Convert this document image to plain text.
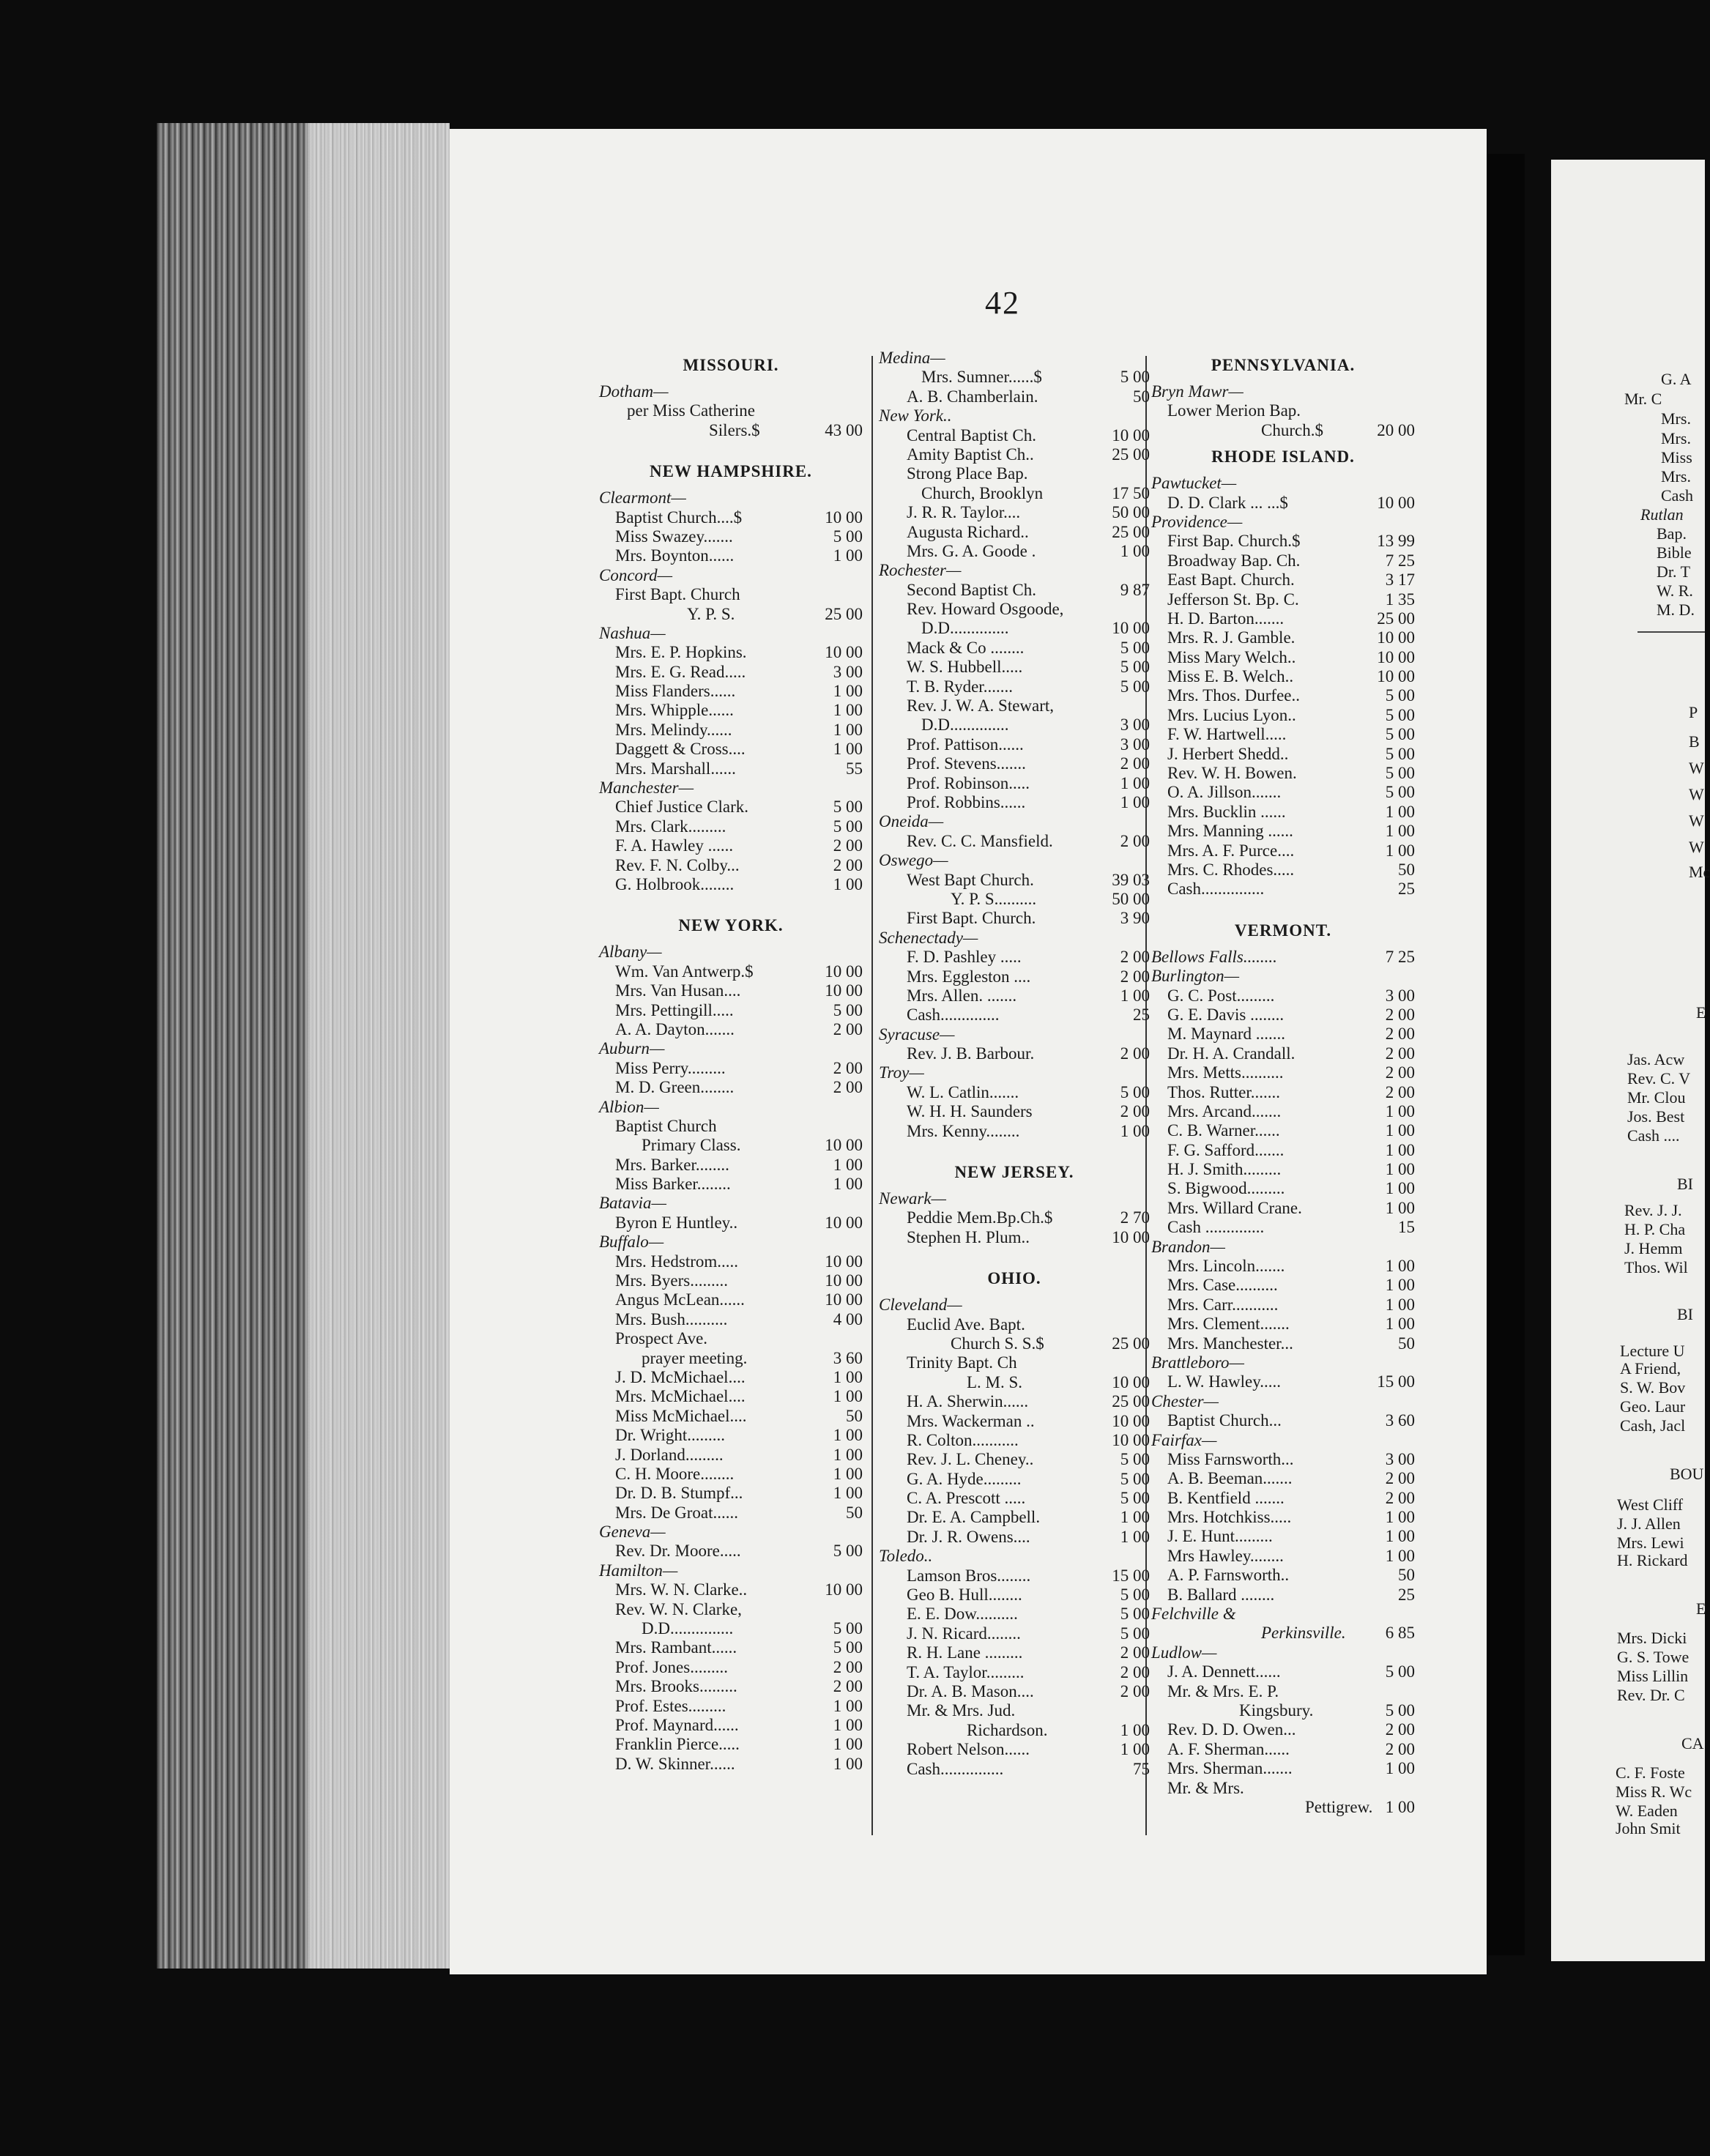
42
MISSOURI.
Dotham—
per Miss Catherine
Silers.$	43 00
NEW HAMPSHIRE.
Clearmont—
Baptist Church....$	10 00
Miss Swazey.......	5 00
Mrs. Boynton......	1 00
Concord—
First Bapt. Church
Y. P. S.	25 00
Nashua—
Mrs. E. P. Hopkins.	10 00
Mrs. E. G. Read.....	3 00
Miss Flanders......	1 00
Mrs. Whipple......	1 00
Mrs. Melindy......	1 00
Daggett & Cross....	1 00
Mrs. Marshall......	55
Manchester—
Chief Justice Clark.	5 00
Mrs. Clark.........	5 00
F. A. Hawley ......	2 00
Rev. F. N. Colby...	2 00
G. Holbrook........	1 00
NEW YORK.
Albany—
Wm. Van Antwerp.$	10 00
Mrs. Van Husan....	10 00
Mrs. Pettingill.....	5 00
A. A. Dayton.......	2 00
Auburn—
Miss Perry.........	2 00
M. D. Green........	2 00
Albion—
Baptist Church
Primary Class.	10 00
Mrs. Barker........	1 00
Miss Barker........	1 00
Batavia—
Byron E Huntley..	10 00
Buffalo—
Mrs. Hedstrom.....	10 00
Mrs. Byers.........	10 00
Angus McLean......	10 00
Mrs. Bush..........	4 00
Prospect Ave.
prayer meeting.	3 60
J. D. McMichael....	1 00
Mrs. McMichael....	1 00
Miss McMichael....	50
Dr. Wright.........	1 00
J. Dorland.........	1 00
C. H. Moore........	1 00
Dr. D. B. Stumpf...	1 00
Mrs. De Groat......	50
Geneva—
Rev. Dr. Moore.....	5 00
Hamilton—
Mrs. W. N. Clarke..	10 00
Rev. W. N. Clarke,
D.D...............	5 00
Mrs. Rambant......	5 00
Prof. Jones.........	2 00
Mrs. Brooks.........	2 00
Prof. Estes.........	1 00
Prof. Maynard......	1 00
Franklin Pierce.....	1 00
D. W. Skinner......	1 00
Medina—
Mrs. Sumner......$	5 00
A. B. Chamberlain.	50
New York..
Central Baptist Ch.	10 00
Amity Baptist Ch..	25 00
Strong Place Bap.
Church, Brooklyn	17 50
J. R. R. Taylor....	50 00
Augusta Richard..	25 00
Mrs. G. A. Goode .	1 00
Rochester—
Second Baptist Ch.	9 87
Rev. Howard Osgoode,
D.D..............	10 00
Mack & Co ........	5 00
W. S. Hubbell.....	5 00
T. B. Ryder.......	5 00
Rev. J. W. A. Stewart,
D.D..............	3 00
Prof. Pattison......	3 00
Prof. Stevens.......	2 00
Prof. Robinson.....	1 00
Prof. Robbins......	1 00
Oneida—
Rev. C. C. Mansfield.	2 00
Oswego—
West Bapt Church.	39 03
Y. P. S..........	50 00
First Bapt. Church.	3 90
Schenectady—
F. D. Pashley .....	2 00
Mrs. Eggleston ....	2 00
Mrs. Allen. .......	1 00
Cash..............	25
Syracuse—
Rev. J. B. Barbour.	2 00
Troy—
W. L. Catlin.......	5 00
W. H. H. Saunders	2 00
Mrs. Kenny........	1 00
NEW JERSEY.
Newark—
Peddie Mem.Bp.Ch.$	2 70
Stephen H. Plum..	10 00
OHIO.
Cleveland—
Euclid Ave. Bapt.
Church S. S.$	25 00
Trinity Bapt. Ch
L. M. S.	10 00
H. A. Sherwin......	25 00
Mrs. Wackerman ..	10 00
R. Colton...........	10 00
Rev. J. L. Cheney..	5 00
G. A. Hyde.........	5 00
C. A. Prescott .....	5 00
Dr. E. A. Campbell.	1 00
Dr. J. R. Owens....	1 00
Toledo..
Lamson Bros........	15 00
Geo B. Hull........	5 00
E. E. Dow..........	5 00
J. N. Ricard........	5 00
R. H. Lane .........	2 00
T. A. Taylor.........	2 00
Dr. A. B. Mason....	2 00
Mr. & Mrs. Jud.
Richardson.	1 00
Robert Nelson......	1 00
Cash...............	75
PENNSYLVANIA.
Bryn Mawr—
Lower Merion Bap.
Church.$	20 00
RHODE ISLAND.
Pawtucket—
D. D. Clark ... ...$	10 00
Providence—
First Bap. Church.$	13 99
Broadway Bap. Ch.	7 25
East Bapt. Church.	3 17
Jefferson St. Bp. C.	1 35
H. D. Barton.......	25 00
Mrs. R. J. Gamble.	10 00
Miss Mary Welch..	10 00
Miss E. B. Welch..	10 00
Mrs. Thos. Durfee..	5 00
Mrs. Lucius Lyon..	5 00
F. W. Hartwell.....	5 00
J. Herbert Shedd..	5 00
Rev. W. H. Bowen.	5 00
O. A. Jillson.......	5 00
Mrs. Bucklin ......	1 00
Mrs. Manning ......	1 00
Mrs. A. F. Purce....	1 00
Mrs. C. Rhodes.....	50
Cash...............	25
VERMONT.
Bellows Falls........	7 25
Burlington—
G. C. Post.........	3 00
G. E. Davis ........	2 00
M. Maynard .......	2 00
Dr. H. A. Crandall.	2 00
Mrs. Metts..........	2 00
Thos. Rutter.......	2 00
Mrs. Arcand.......	1 00
C. B. Warner......	1 00
F. G. Safford.......	1 00
H. J. Smith.........	1 00
S. Bigwood.........	1 00
Mrs. Willard Crane.	1 00
Cash ..............	15
Brandon—
Mrs. Lincoln.......	1 00
Mrs. Case..........	1 00
Mrs. Carr...........	1 00
Mrs. Clement.......	1 00
Mrs. Manchester...	50
Brattleboro—
L. W. Hawley.....	15 00
Chester—
Baptist Church...	3 60
Fairfax—
Miss Farnsworth...	3 00
A. B. Beeman.......	2 00
B. Kentfield .......	2 00
Mrs. Hotchkiss.....	1 00
J. E. Hunt.........	1 00
Mrs Hawley........	1 00
A. P. Farnsworth..	50
B. Ballard ........	25
Felchville &
Perkinsville. 6 85
Ludlow—
J. A. Dennett......	5 00
Mr. & Mrs. E. P.
Kingsbury.	5 00
Rev. D. D. Owen...	2 00
A. F. Sherman......	2 00
Mrs. Sherman.......	1 00
Mr. & Mrs.
Pettigrew. 1 00
G. A
Mr. C
Mrs.
Mrs.
Miss
Mrs.
Cash
Rutlan
Bap.
Bible
Dr. T
W. R.
M. D.
P
B
W
W
W
W
Mc
E
Jas. Acw
Rev. C. V
Mr. Clou
Jos. Best
Cash ....
BI
Rev. J. J.
H. P. Cha
J. Hemm
Thos. Wil
BI
Lecture U
A Friend,
S. W. Bov
Geo. Laur
Cash, Jacl
BOU
West Cliff
J. J. Allen
Mrs. Lewi
H. Rickard
E
Mrs. Dicki
G. S. Towe
Miss Lillin
Rev. Dr. C
CA
C. F. Foste
Miss R. Wc
W. Eaden
John Smit
